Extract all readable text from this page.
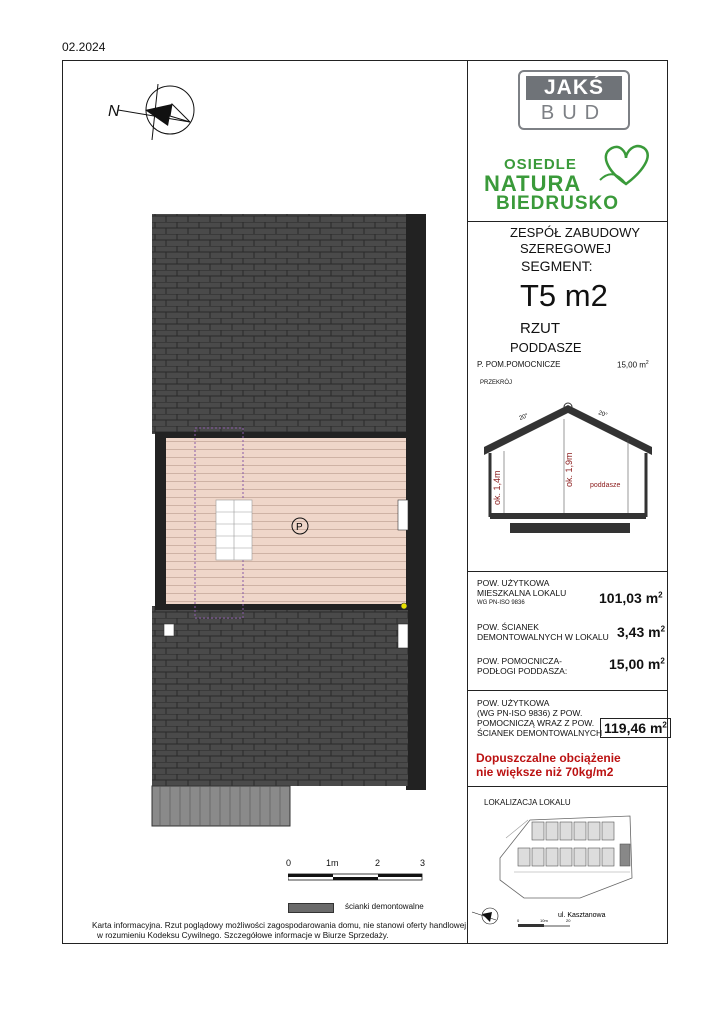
02.2024
N
JAKŚ
BUD
OSIEDLE
NATURA
BIEDRUSKO
ZESPÓŁ ZABUDOWY
SZEREGOWEJ
SEGMENT:
T5 m2
RZUT
PODDASZE
P. POM.POMOCNICZE	15,00 $m^2$
PRZEKRÓJ
20°	20°
ok. 1,4m
ok. 1,9m poddasze
POW. UŻYTKOWA
MIESZKALNA LOKALU
WG PN-ISO 9836	101,03 $m^2$
POW. ŚCIANEK
DEMONTOWALNYCH W LOKALU 3,43 $m^2$
POW. POMOCNICZA-
PODŁOGI PODDASZA:	15,00 $m^2$
POW. UŻYTKOWA
(WG PN-ISO 9836) Z POW.
POMOCNICZĄ WRAZ Z POW.
ŚCIANEK DEMONTOWALNYCH 119,46 $m^2$
Dopuszczalne obciążenie
nie większe niż 70kg/m2
LOKALIZACJA LOKALU
0	10m	20
ul. Kasztanowa
P
0	1m	2	3
ścianki demontowalne
Karta informacyjna. Rzut poglądowy możliwości zagospodarowania domu, nie stanowi oferty handlowej
w rozumieniu Kodeksu Cywilnego. Szczegółowe informacje w Biurze Sprzedaży.
